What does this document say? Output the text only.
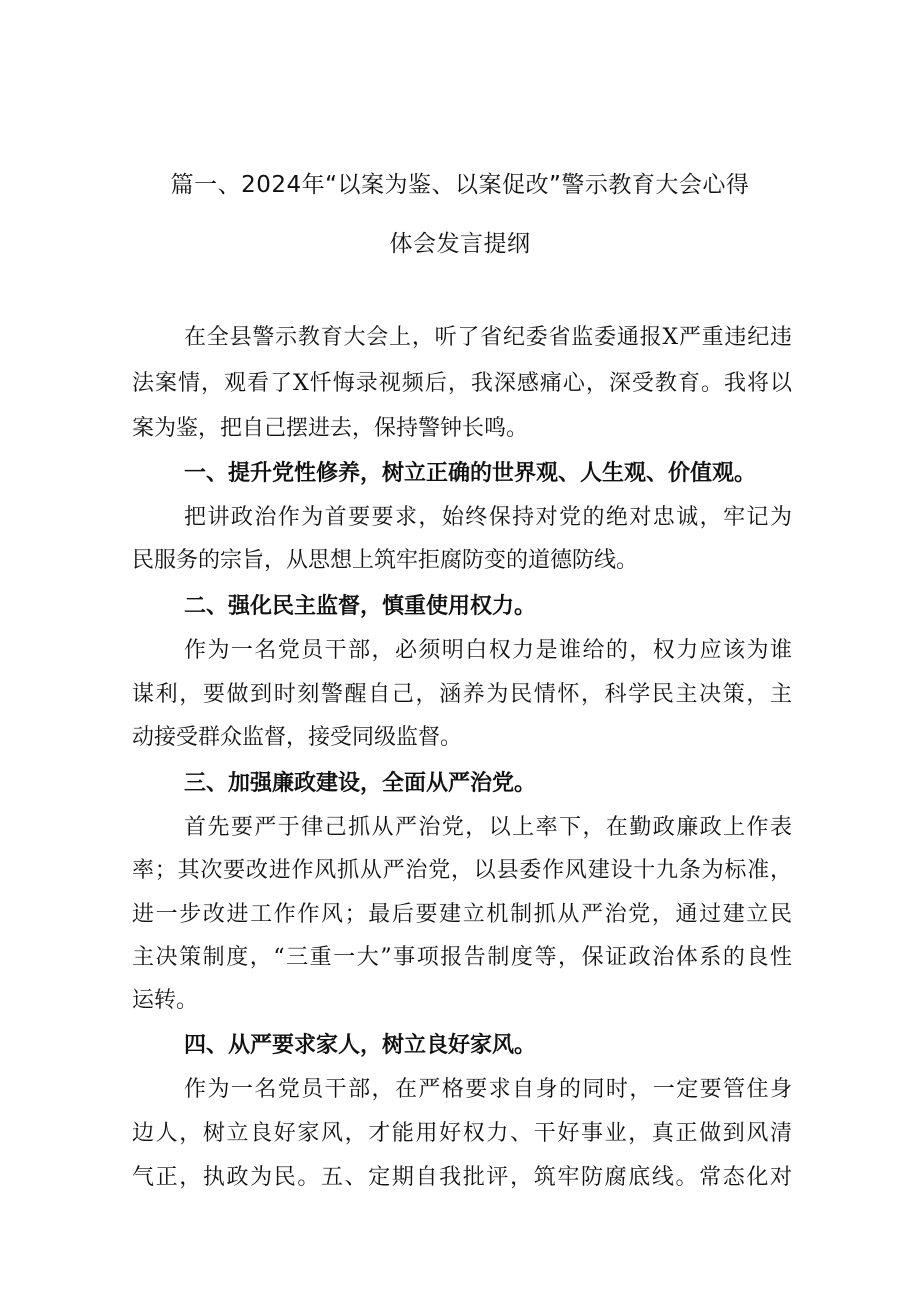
篇一、2024年“以案为鉴、以案促改”警示教育大会心得
体会发言提纲

在全县警示教育大会上，听了省纪委省监委通报X严重违纪违

法案情，观看了X忏悔录视频后，我深感痛心，深受教育。我将以

案为鉴，把自己摆进去，保持警钟长鸣。

一、提升党性修养，树立正确的世界观、人生观、价值观。

把讲政治作为首要要求，始终保持对党的绝对忠诚，牢记为

民服务的宗旨，从思想上筑牢拒腐防变的道德防线。

二、强化民主监督，慎重使用权力。

作为一名党员干部，必须明白权力是谁给的，权力应该为谁

谋利，要做到时刻警醒自己，涵养为民情怀，科学民主决策，主

动接受群众监督，接受同级监督。

三、加强廉政建设，全面从严治党。

首先要严于律己抓从严治党，以上率下，在勤政廉政上作表

率；其次要改进作风抓从严治党，以县委作风建设十九条为标准，

进一步改进工作作风；最后要建立机制抓从严治党，通过建立民

主决策制度，“三重一大”事项报告制度等，保证政治体系的良性

运转。

四、从严要求家人，树立良好家风。

作为一名党员干部，在严格要求自身的同时，一定要管住身

边人，树立良好家风，才能用好权力、干好事业，真正做到风清

气正，执政为民。五、定期自我批评，筑牢防腐底线。常态化对
